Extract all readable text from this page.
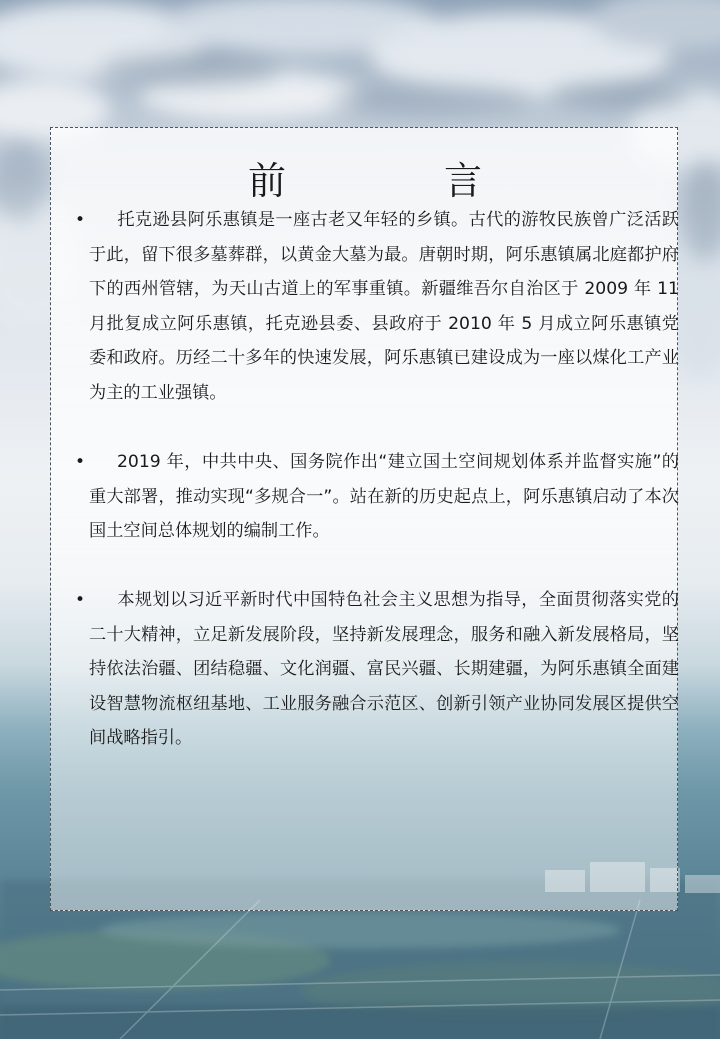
前　言

• 托克逊县阿乐惠镇是一座古老又年轻的乡镇。古代的游牧民族曾广泛活跃于此，留下很多墓葬群，以黄金大墓为最。唐朝时期，阿乐惠镇属北庭都护府下的西州管辖，为天山古道上的军事重镇。新疆维吾尔自治区于 2009 年 11 月批复成立阿乐惠镇，托克逊县委、县政府于 2010 年 5 月成立阿乐惠镇党委和政府。历经二十多年的快速发展，阿乐惠镇已建设成为一座以煤化工产业为主的工业强镇。

• 2019 年，中共中央、国务院作出“建立国土空间规划体系并监督实施”的重大部署，推动实现“多规合一”。站在新的历史起点上，阿乐惠镇启动了本次国土空间总体规划的编制工作。

• 本规划以习近平新时代中国特色社会主义思想为指导，全面贯彻落实党的二十大精神，立足新发展阶段，坚持新发展理念，服务和融入新发展格局，坚持依法治疆、团结稳疆、文化润疆、富民兴疆、长期建疆，为阿乐惠镇全面建设智慧物流枢纽基地、工业服务融合示范区、创新引领产业协同发展区提供空间战略指引。
